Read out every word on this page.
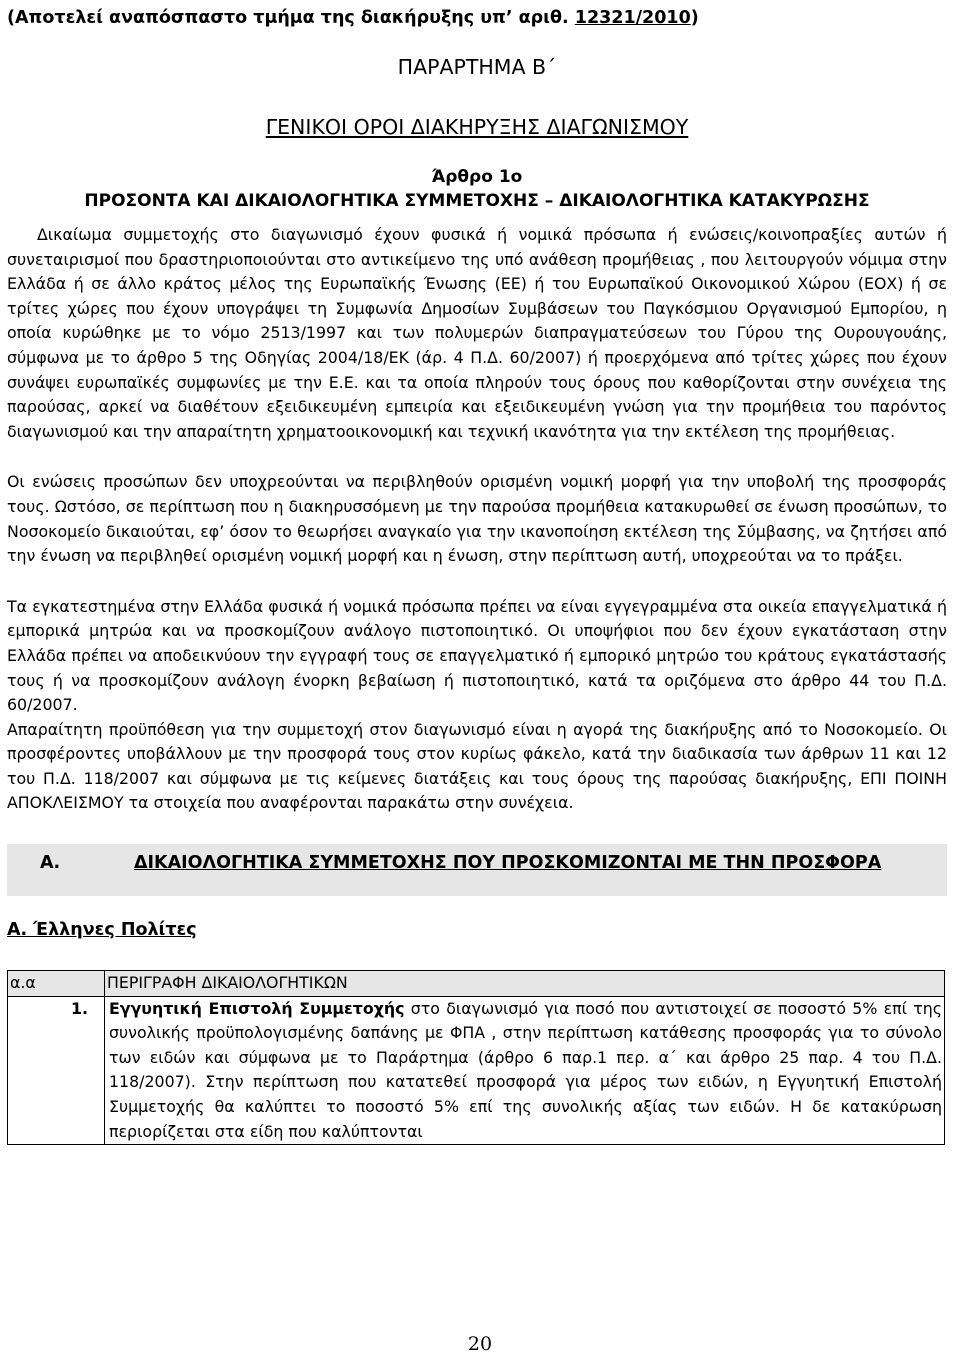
(Αποτελεί αναπόσπαστο τμήμα της διακήρυξης υπ’ αριθ. 12321/2010)
ΠΑΡΑΡΤΗΜΑ Β΄
ΓΕΝΙΚΟΙ ΟΡΟΙ ΔΙΑΚΗΡΥΞΗΣ ΔΙΑΓΩΝΙΣΜΟΥ
Άρθρο 1ο
ΠΡΟΣΟΝΤΑ ΚΑΙ ΔΙΚΑΙΟΛΟΓΗΤΙΚΑ ΣΥΜΜΕΤΟΧΗΣ – ΔΙΚΑΙΟΛΟΓΗΤΙΚΑ ΚΑΤΑΚΥΡΩΣΗΣ

Δικαίωμα συμμετοχής στο διαγωνισμό έχουν φυσικά ή νομικά πρόσωπα ή ενώσεις/κοινοπραξίες αυτών ή συνεταιρισμοί που δραστηριοποιούνται στο αντικείμενο της υπό ανάθεση προμήθειας , που λειτουργούν νόμιμα στην Ελλάδα ή σε άλλο κράτος μέλος της Ευρωπαϊκής Ένωσης (ΕΕ) ή του Ευρωπαϊκού Οικονομικού Χώρου (ΕΟΧ) ή σε τρίτες χώρες που έχουν υπογράψει τη Συμφωνία Δημοσίων Συμβάσεων του Παγκόσμιου Οργανισμού Εμπορίου, η οποία κυρώθηκε με το νόμο 2513/1997 και των πολυμερών διαπραγματεύσεων του Γύρου της Ουρουγουάης, σύμφωνα με το άρθρο 5 της Οδηγίας 2004/18/ΕΚ (άρ. 4 Π.Δ. 60/2007) ή προερχόμενα από τρίτες χώρες που έχουν συνάψει ευρωπαϊκές συμφωνίες με την Ε.Ε. και τα οποία πληρούν τους όρους που καθορίζονται στην συνέχεια της παρούσας, αρκεί να διαθέτουν εξειδικευμένη εμπειρία και εξειδικευμένη γνώση για την προμήθεια του παρόντος διαγωνισμού και την απαραίτητη χρηματοοικονομική και τεχνική ικανότητα για την εκτέλεση της προμήθειας.

Οι ενώσεις προσώπων δεν υποχρεούνται να περιβληθούν ορισμένη νομική μορφή για την υποβολή της προσφοράς τους. Ωστόσο, σε περίπτωση που η διακηρυσσόμενη με την παρούσα προμήθεια κατακυρωθεί σε ένωση προσώπων, το Νοσοκομείο δικαιούται, εφ’ όσον το θεωρήσει αναγκαίο για την ικανοποίηση εκτέλεση της Σύμβασης, να ζητήσει από την ένωση να περιβληθεί ορισμένη νομική μορφή και η ένωση, στην περίπτωση αυτή, υποχρεούται να το πράξει.

Τα εγκατεστημένα στην Ελλάδα φυσικά ή νομικά πρόσωπα πρέπει να είναι εγγεγραμμένα στα οικεία επαγγελματικά ή εμπορικά μητρώα και να προσκομίζουν ανάλογο πιστοποιητικό. Οι υποψήφιοι που δεν έχουν εγκατάσταση στην Ελλάδα πρέπει να αποδεικνύουν την εγγραφή τους σε επαγγελματικό ή εμπορικό μητρώο του κράτους εγκατάστασής τους ή να προσκομίζουν ανάλογη ένορκη βεβαίωση ή πιστοποιητικό, κατά τα οριζόμενα στο άρθρο 44 του Π.Δ. 60/2007.

Απαραίτητη προϋπόθεση για την συμμετοχή στον διαγωνισμό είναι η αγορά της διακήρυξης από το Νοσοκομείο. Οι προσφέροντες υποβάλλουν με την προσφορά τους στον κυρίως φάκελο, κατά την διαδικασία των άρθρων 11 και 12 του Π.Δ. 118/2007 και σύμφωνα με τις κείμενες διατάξεις και τους όρους της παρούσας διακήρυξης, ΕΠΙ ΠΟΙΝΗ ΑΠΟΚΛΕΙΣΜΟΥ τα στοιχεία που αναφέρονται παρακάτω στην συνέχεια.

Α.	ΔΙΚΑΙΟΛΟΓΗΤΙΚΑ ΣΥΜΜΕΤΟΧΗΣ ΠΟΥ ΠΡΟΣΚΟΜΙΖΟΝΤΑΙ ΜΕ ΤΗΝ ΠΡΟΣΦΟΡΑ
Α. Έλληνες Πολίτες
α.α	ΠΕΡΙΓΡΑΦΗ ΔΙΚΑΙΟΛΟΓΗΤΙΚΩΝ
1.	Εγγυητική Επιστολή Συμμετοχής στο διαγωνισμό για ποσό που αντιστοιχεί σε ποσοστό 5% επί της συνολικής προϋπολογισμένης δαπάνης με ΦΠΑ , στην περίπτωση κατάθεσης προσφοράς για το σύνολο των ειδών και σύμφωνα με το Παράρτημα (άρθρο 6 παρ.1 περ. α΄ και άρθρο 25 παρ. 4 του Π.Δ. 118/2007). Στην περίπτωση που κατατεθεί προσφορά για μέρος των ειδών, η Εγγυητική Επιστολή Συμμετοχής θα καλύπτει το ποσοστό 5% επί της συνολικής αξίας των ειδών. Η δε κατακύρωση περιορίζεται στα είδη που καλύπτονται
20
